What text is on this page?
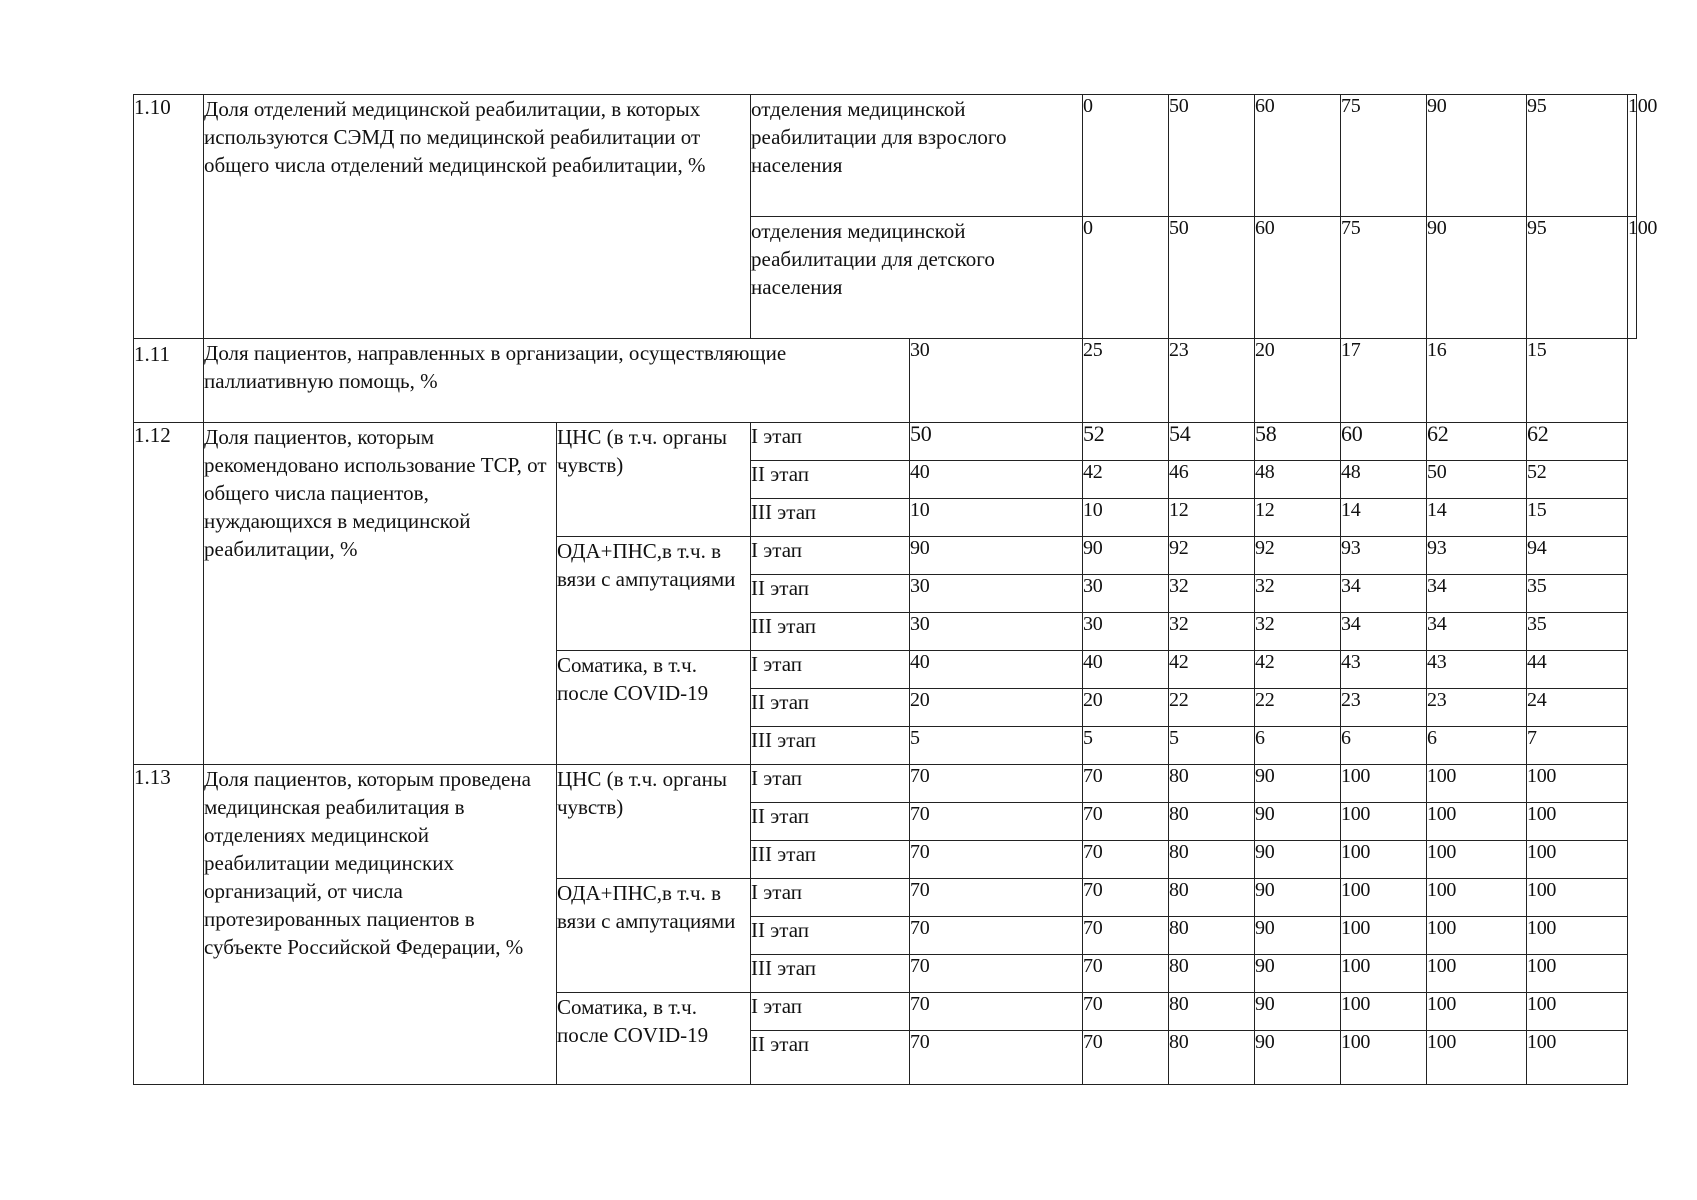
1.10	Доля отделений медицинской реабилитации, в которых используются СЭМД по медицинской реабилитации от общего числа отделений медицинской реабилитации, %		отделения медицинской реабилитации для взрослого населения		0	50	60	75	90	95	100
			отделения медицинской реабилитации для детского населения		0	50	60	75	90	95	100
1.11	Доля пациентов, направленных в организации, осуществляющие паллиативную помощь, %			30	25	23	20	17	16	15	
1.12	Доля пациентов, которым рекомендовано использование ТСР, от общего числа пациентов, нуждающихся в медицинской реабилитации, %	ЦНС (в т.ч. органы чувств)	I этап	50	52	54	58	60	62	62	
			II этап	40	42	46	48	48	50	52	
			III этап	10	10	12	12	14	14	15	
		ОДА+ПНС,в т.ч. в вязи с ампутациями	I этап	90	90	92	92	93	93	94	
			II этап	30	30	32	32	34	34	35	
			III этап	30	30	32	32	34	34	35	
		Соматика, в т.ч. после COVID-19	I этап	40	40	42	42	43	43	44	
			II этап	20	20	22	22	23	23	24	
			III этап	5	5	5	6	6	6	7	
1.13	Доля пациентов, которым проведена медицинская реабилитация в отделениях медицинской реабилитации медицинских организаций, от числа протезированных пациентов в субъекте Российской Федерации, %	ЦНС (в т.ч. органы чувств)	I этап	70	70	80	90	100	100	100	
			II этап	70	70	80	90	100	100	100	
			III этап	70	70	80	90	100	100	100	
		ОДА+ПНС,в т.ч. в вязи с ампутациями	I этап	70	70	80	90	100	100	100	
			II этап	70	70	80	90	100	100	100	
			III этап	70	70	80	90	100	100	100	
		Соматика, в т.ч. после COVID-19	I этап	70	70	80	90	100	100	100	
			II этап	70	70	80	90	100	100	100	
